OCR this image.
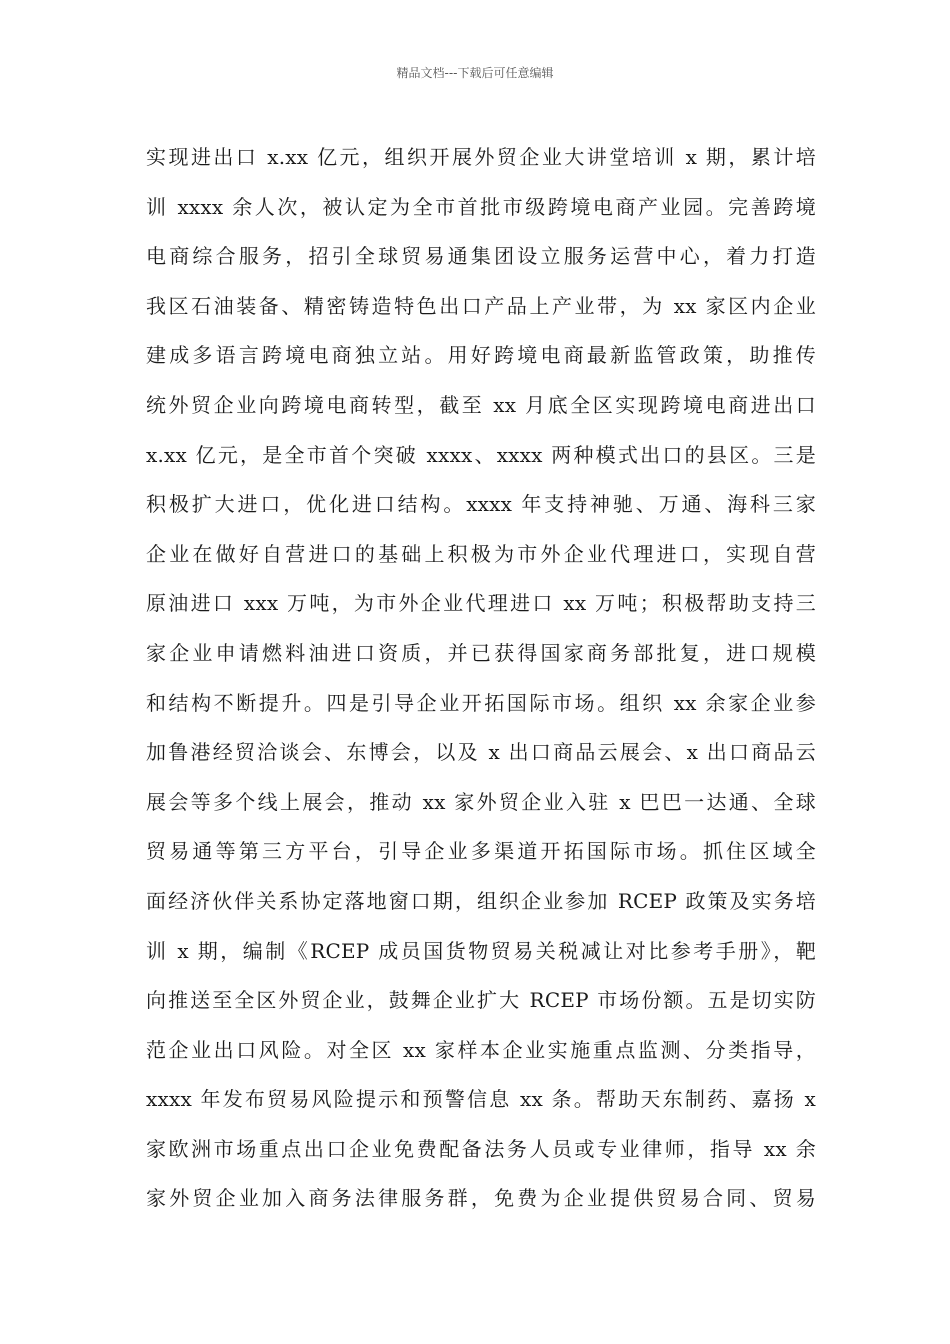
精品文档---下载后可任意编辑
实现进出口 x.xx 亿元，组织开展外贸企业大讲堂培训 x 期，累计培
训 xxxx 余人次，被认定为全市首批市级跨境电商产业园。完善跨境
电商综合服务，招引全球贸易通集团设立服务运营中心，着力打造
我区石油装备、精密铸造特色出口产品上产业带，为 xx 家区内企业
建成多语言跨境电商独立站。用好跨境电商最新监管政策，助推传
统外贸企业向跨境电商转型，截至 xx 月底全区实现跨境电商进出口
x.xx 亿元，是全市首个突破 xxxx、xxxx 两种模式出口的县区。三是
积极扩大进口，优化进口结构。xxxx 年支持神驰、万通、海科三家
企业在做好自营进口的基础上积极为市外企业代理进口，实现自营
原油进口 xxx 万吨，为市外企业代理进口 xx 万吨；积极帮助支持三
家企业申请燃料油进口资质，并已获得国家商务部批复，进口规模
和结构不断提升。四是引导企业开拓国际市场。组织 xx 余家企业参
加鲁港经贸洽谈会、东博会，以及 x 出口商品云展会、x 出口商品云
展会等多个线上展会，推动 xx 家外贸企业入驻 x 巴巴一达通、全球
贸易通等第三方平台，引导企业多渠道开拓国际市场。抓住区域全
面经济伙伴关系协定落地窗口期，组织企业参加 RCEP 政策及实务培
训 x 期，编制《RCEP 成员国货物贸易关税减让对比参考手册》，靶
向推送至全区外贸企业，鼓舞企业扩大 RCEP 市场份额。五是切实防
范企业出口风险。对全区 xx 家样本企业实施重点监测、分类指导，
xxxx 年发布贸易风险提示和预警信息 xx 条。帮助天东制药、嘉扬 x
家欧洲市场重点出口企业免费配备法务人员或专业律师，指导 xx 余
家外贸企业加入商务法律服务群，免费为企业提供贸易合同、贸易
